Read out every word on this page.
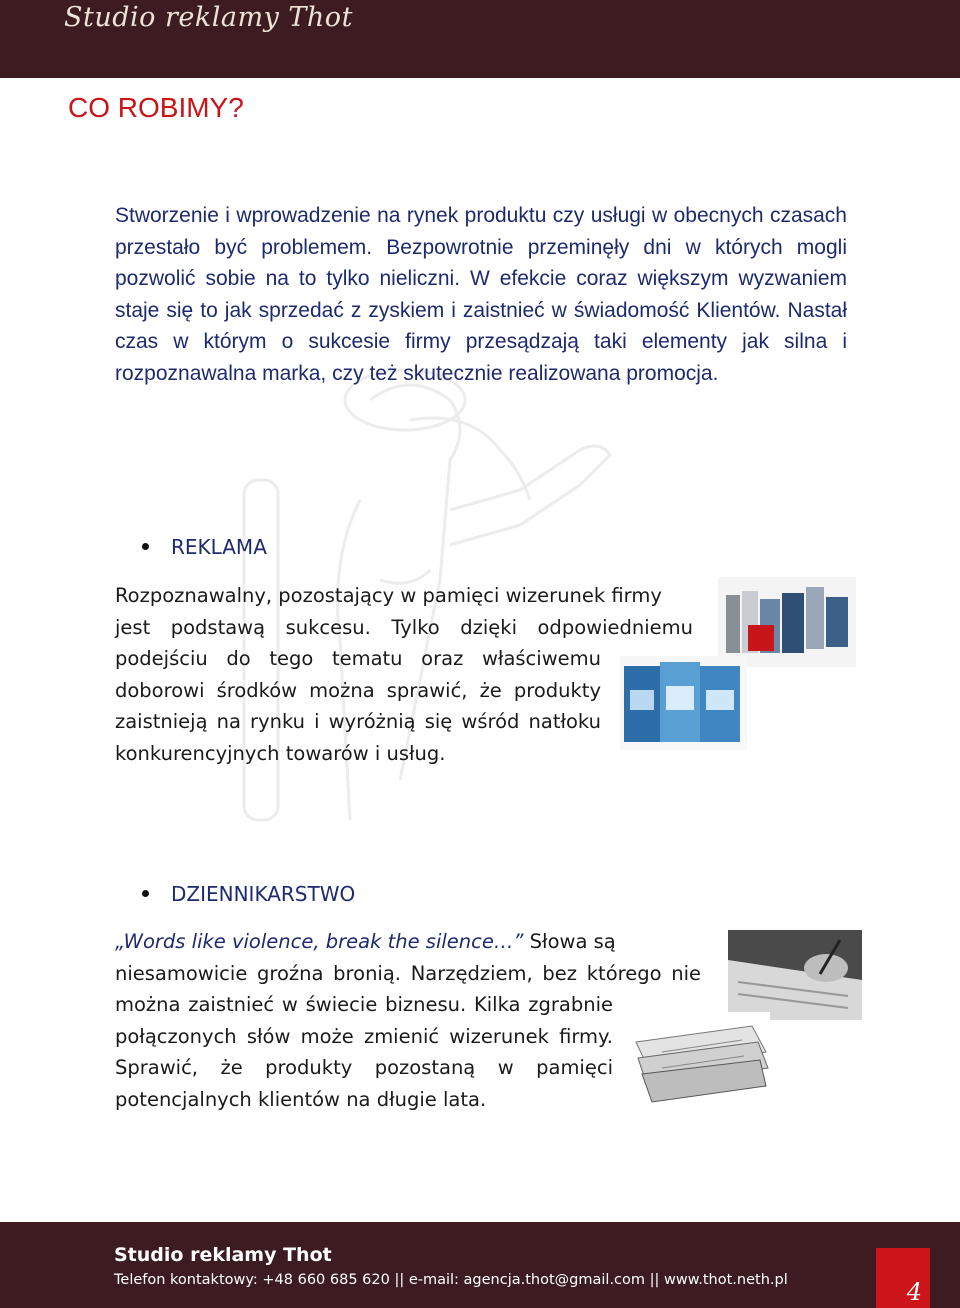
Studio reklamy Thot
CO ROBIMY?

Stworzenie i wprowadzenie na rynek produktu czy usługi w obecnych czasach przestało być problemem. Bezpowrotnie przeminęły dni w których mogli pozwolić sobie na to tylko nieliczni. W efekcie coraz większym wyzwaniem staje się to jak sprzedać z zyskiem i zaistnieć w świadomość Klientów. Nastał czas w którym o sukcesie firmy przesądzają taki elementy jak silna i rozpoznawalna marka, czy też skutecznie realizowana promocja.

REKLAMA
Rozpoznawalny, pozostający w pamięci wizerunek firmy
jest podstawą sukcesu. Tylko dzięki odpowiedniemu
podejściu do tego tematu oraz właściwemu
doborowi środków można sprawić, że produkty
zaistnieją na rynku i wyróżnią się wśród natłoku
konkurencyjnych towarów i usług.
DZIENNIKARSTWO
„Words like violence, break the silence…” Słowa są
niesamowicie groźna bronią. Narzędziem, bez którego nie
można zaistnieć w świecie biznesu. Kilka zgrabnie
połączonych słów może zmienić wizerunek firmy.
Sprawić, że produkty pozostaną w pamięci
potencjalnych klientów na długie lata.
Studio reklamy Thot
Telefon kontaktowy: +48 660 685 620 || e-mail: agencja.thot@gmail.com || www.thot.neth.pl	4
